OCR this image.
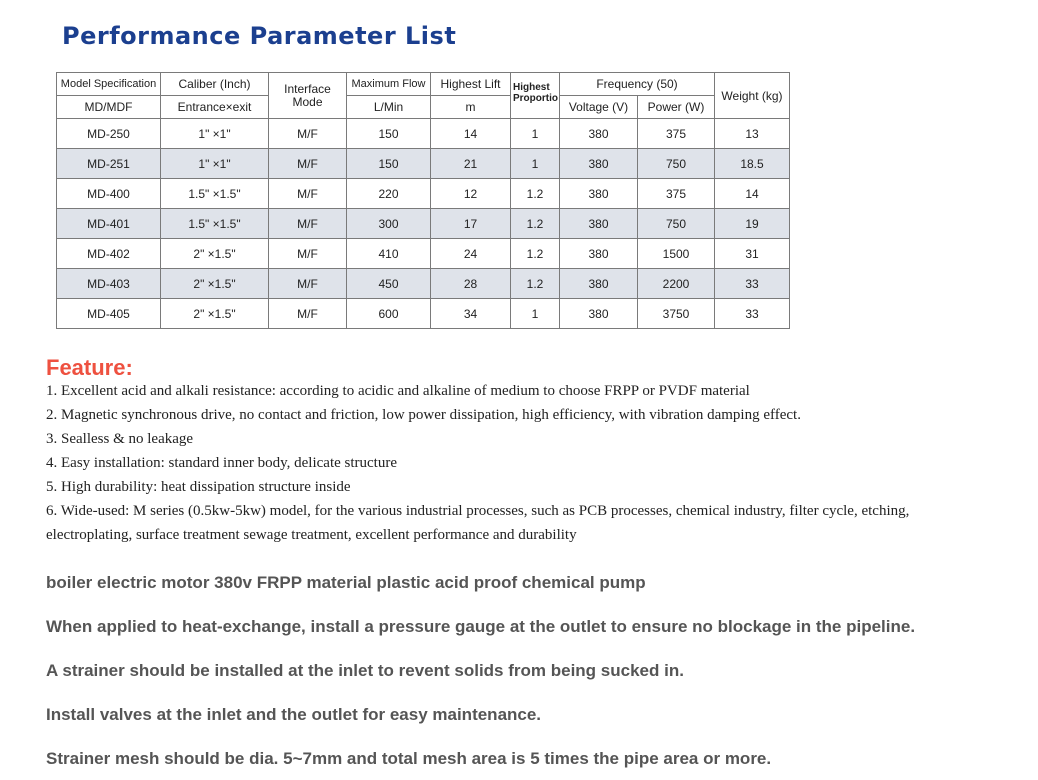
Performance Parameter List
Model Specification	Caliber (Inch)	Interface Mode	Maximum Flow	Highest Lift	Highest Proportio	Frequency (50)		Weight (kg)
MD/MDF	Entrance×exit		L/Min	m		Voltage (V)	Power (W)	
MD-250	1" ×1"	M/F	150	14	1	380	375	13
MD-251	1" ×1"	M/F	150	21	1	380	750	18.5
MD-400	1.5" ×1.5"	M/F	220	12	1.2	380	375	14
MD-401	1.5" ×1.5"	M/F	300	17	1.2	380	750	19
MD-402	2" ×1.5"	M/F	410	24	1.2	380	1500	31
MD-403	2" ×1.5"	M/F	450	28	1.2	380	2200	33
MD-405	2" ×1.5"	M/F	600	34	1	380	3750	33
Feature:
1. Excellent acid and alkali resistance: according to acidic and alkaline of medium to choose FRPP or PVDF material
2. Magnetic synchronous drive, no contact and friction, low power dissipation, high efficiency, with vibration damping effect.
3. Sealless & no leakage
4. Easy installation: standard inner body, delicate structure
5. High durability: heat dissipation structure inside
6. Wide-used: M series (0.5kw-5kw) model, for the various industrial processes, such as PCB processes, chemical industry, filter cycle, etching,
electroplating, surface treatment sewage treatment, excellent performance and durability
boiler electric motor 380v FRPP material plastic acid proof chemical pump
When applied to heat-exchange, install a pressure gauge at the outlet to ensure no blockage in the pipeline.
A strainer should be installed at the inlet to revent solids from being sucked in.
Install valves at the inlet and the outlet for easy maintenance.
Strainer mesh should be dia. 5~7mm and total mesh area is 5 times the pipe area or more.
